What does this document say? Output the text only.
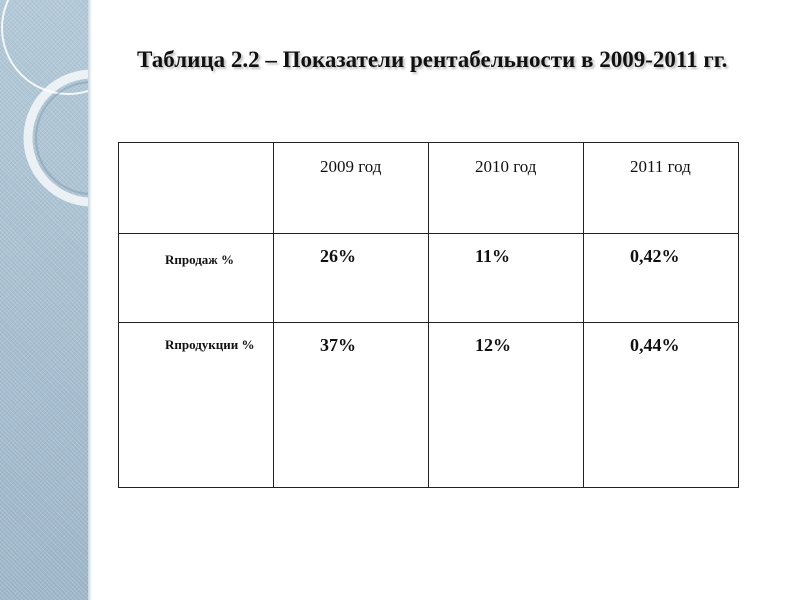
Таблица 2.2 – Показатели рентабельности в 2009-2011 гг.
	2009 год	2010 год	2011 год
Rпродаж %	26%	11%	0,42%
Rпродукции %	37%	12%	0,44%
